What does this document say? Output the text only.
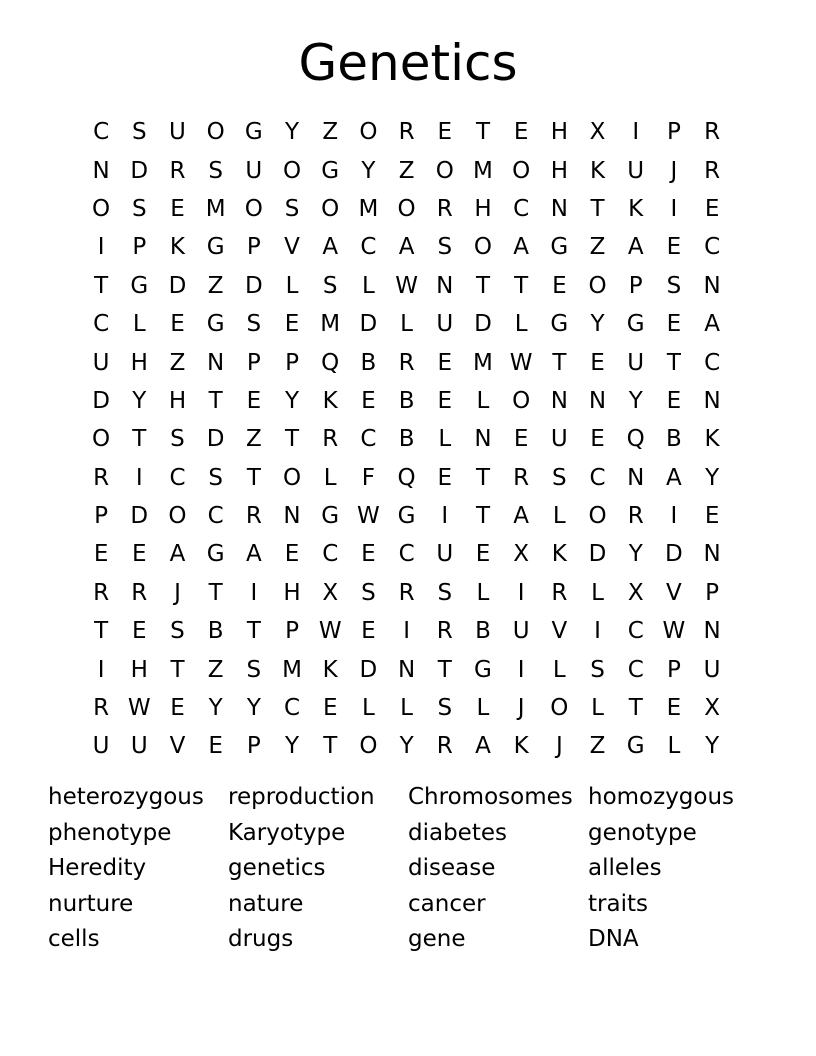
Genetics
C S U O G Y	Z O R E	T	E H X	I	P	R
N D R S U O G Y	Z O M O H K U	J	R
O S	E M O S O M O R H C N T	K	I	E
I	P	K G P	V A C A	S O A G Z A	E C
T G D Z D L	S	L W N T	T	E O P	S N
C	L	E G S	E M D L	U D L G Y G E	A
U H Z N P	P Q B R E M W T	E U T	C
D Y H T	E	Y	K	E	B	E	L O N N Y	E N
O T	S D Z	T	R C B	L	N E U E Q B K
R	I	C S	T O L	F Q E	T	R S C N A	Y
P D O C R N G W G	I	T	A	L O R	I	E
E	E	A G A	E C E C U E	X K D Y D N
R R	J	T	I	H X	S R S	L	I	R	L	X V	P
T	E	S	B	T	P W E	I	R B U V	I	C W N
I	H T	Z	S M K D N T G	I	L	S C	P U
R W E	Y	Y	C E	L	L	S	L	J	O L	T	E	X
U U V	E	P	Y	T O Y	R A K	J	Z G L	Y
heterozygous	reproduction	Chromosomes homozygous
phenotype	Karyotype	diabetes	genotype
Heredity	genetics	disease	alleles
nurture	nature	cancer	traits
cells	drugs	gene	DNA
